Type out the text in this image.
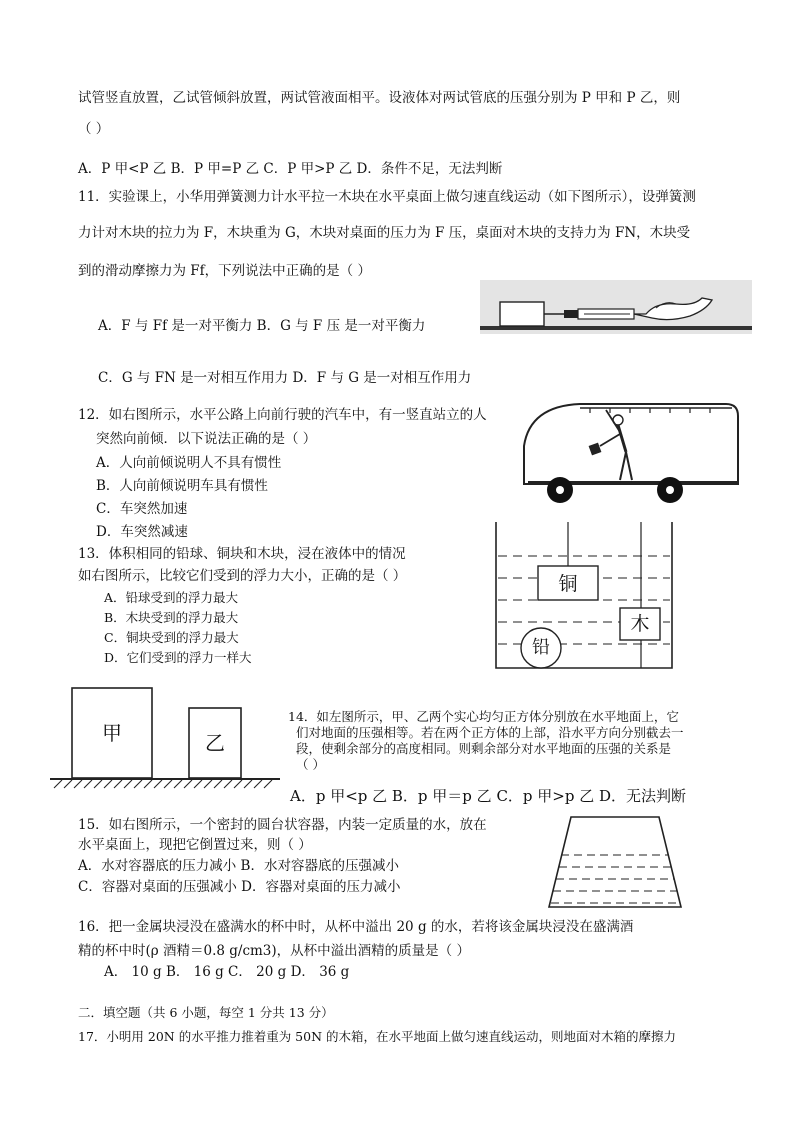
试管竖直放置，乙试管倾斜放置，两试管液面相平。设液体对两试管底的压强分别为 P 甲和 P 乙，则
（ ）
A．P 甲<P 乙 B．P 甲=P 乙 C．P 甲>P 乙 D．条件不足，无法判断
11．实验课上，小华用弹簧测力计水平拉一木块在水平桌面上做匀速直线运动（如下图所示），设弹簧测
力计对木块的拉力为 F，木块重为 G，木块对桌面的压力为 F 压，桌面对木块的支持力为 FN，木块受
到的滑动摩擦力为 Ff，下列说法中正确的是（ ）
A．F 与 Ff 是一对平衡力 B．G 与 F 压 是一对平衡力
C．G 与 FN 是一对相互作用力 D．F 与 G 是一对相互作用力
12．如右图所示，水平公路上向前行驶的汽车中，有一竖直站立的人
突然向前倾．以下说法正确的是（ ）
A．人向前倾说明人不具有惯性
B．人向前倾说明车具有惯性
C．车突然加速
D．车突然减速
13．体积相同的铅球、铜块和木块，浸在液体中的情况
如右图所示，比较它们受到的浮力大小，正确的是（ ）
A．铅球受到的浮力最大
B．木块受到的浮力最大
C．铜块受到的浮力最大
D．它们受到的浮力一样大
铜
木
铅
甲	乙
14．如左图所示，甲、乙两个实心均匀正方体分别放在水平地面上，它
们对地面的压强相等。若在两个正方体的上部，沿水平方向分别截去一
段，使剩余部分的高度相同。则剩余部分对水平地面的压强的关系是
（ ）
A．p 甲<p 乙 B．p 甲＝p 乙 C．p 甲>p 乙 D．无法判断
15．如右图所示，一个密封的圆台状容器，内装一定质量的水，放在
水平桌面上，现把它倒置过来，则（ ）
A．水对容器底的压力减小 B．水对容器底的压强减小
C．容器对桌面的压强减小 D．容器对桌面的压力减小
16．把一金属块浸没在盛满水的杯中时，从杯中溢出 20 g 的水，若将该金属块浸没在盛满酒
精的杯中时(ρ 酒精＝0.8 g/cm3)，从杯中溢出酒精的质量是（ ）
A． 10 g B． 16 g C． 20 g D． 36 g
二．填空题（共 6 小题，每空 1 分共 13 分）
17．小明用 20N 的水平推力推着重为 50N 的木箱，在水平地面上做匀速直线运动，则地面对木箱的摩擦力
